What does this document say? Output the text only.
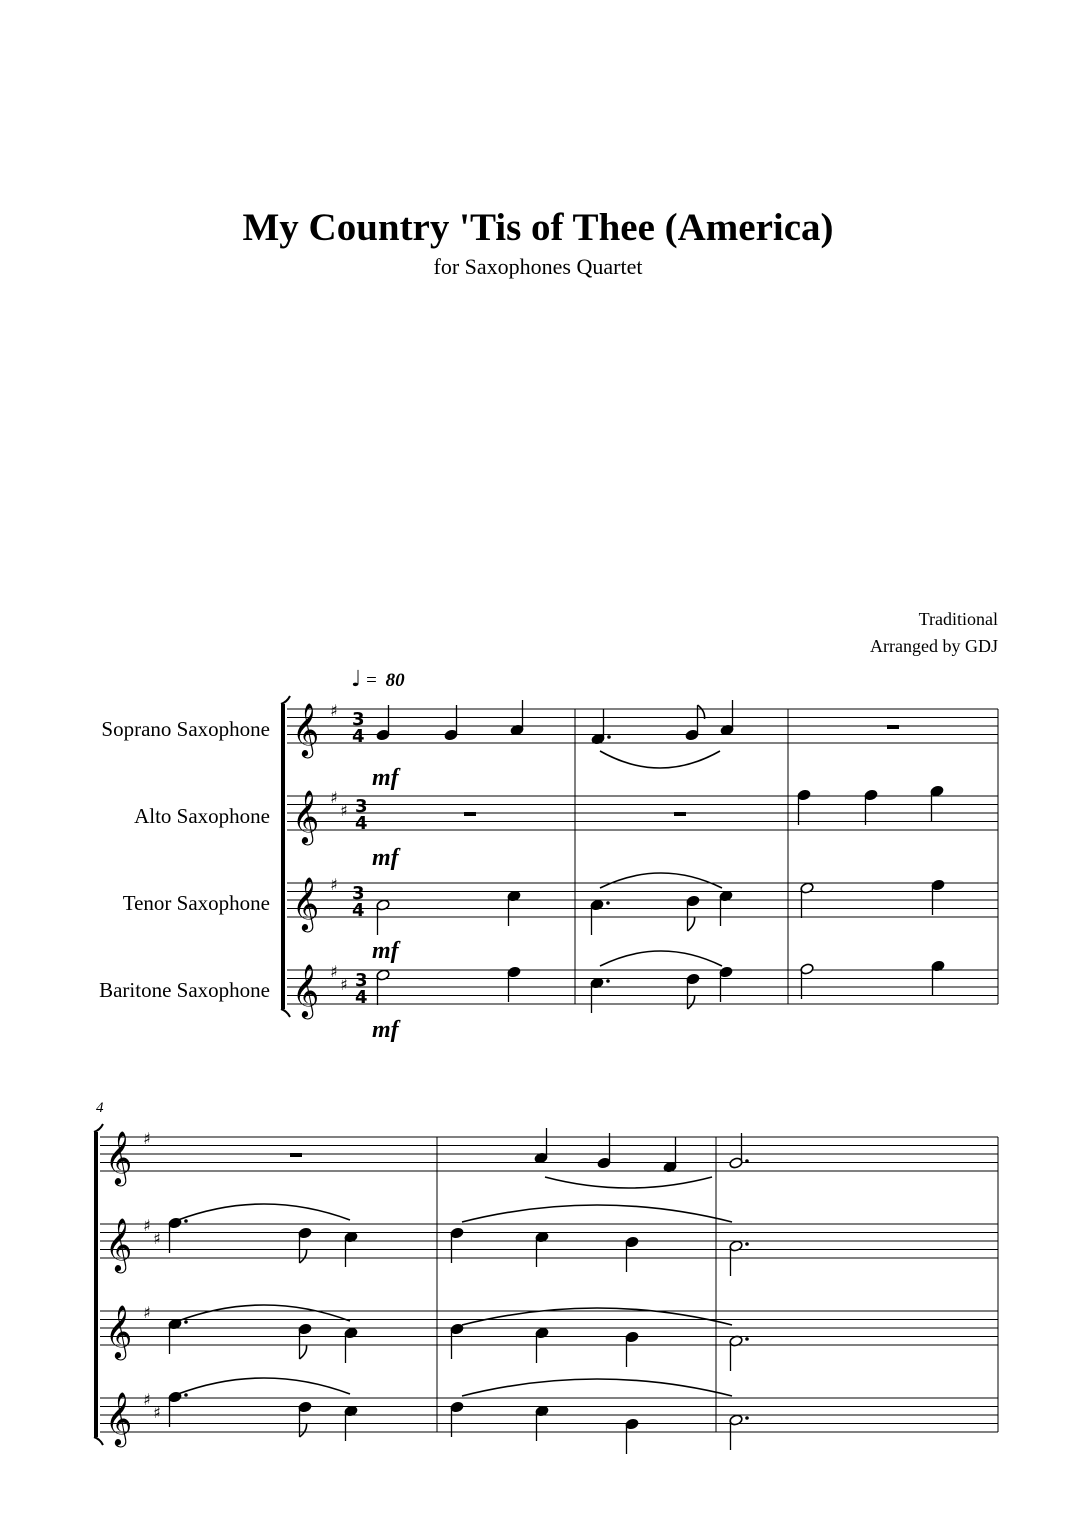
My Country 'Tis of Thee (America)
for Saxophones Quartet
Traditional
Arranged by GDJ
♩ = 80
Soprano Saxophone
Alto Saxophone
Tenor Saxophone
Baritone Saxophone
mf
mf
mf
mf
4
𝄞 ♯ 3
4
𝄞 ♯
♯ 3
4
𝄞 ♯ 3
4
𝄞 ♯
♯ 3
4
𝄞 ♯
𝄞 ♯
♯
𝄞 ♯
𝄞 ♯
♯
